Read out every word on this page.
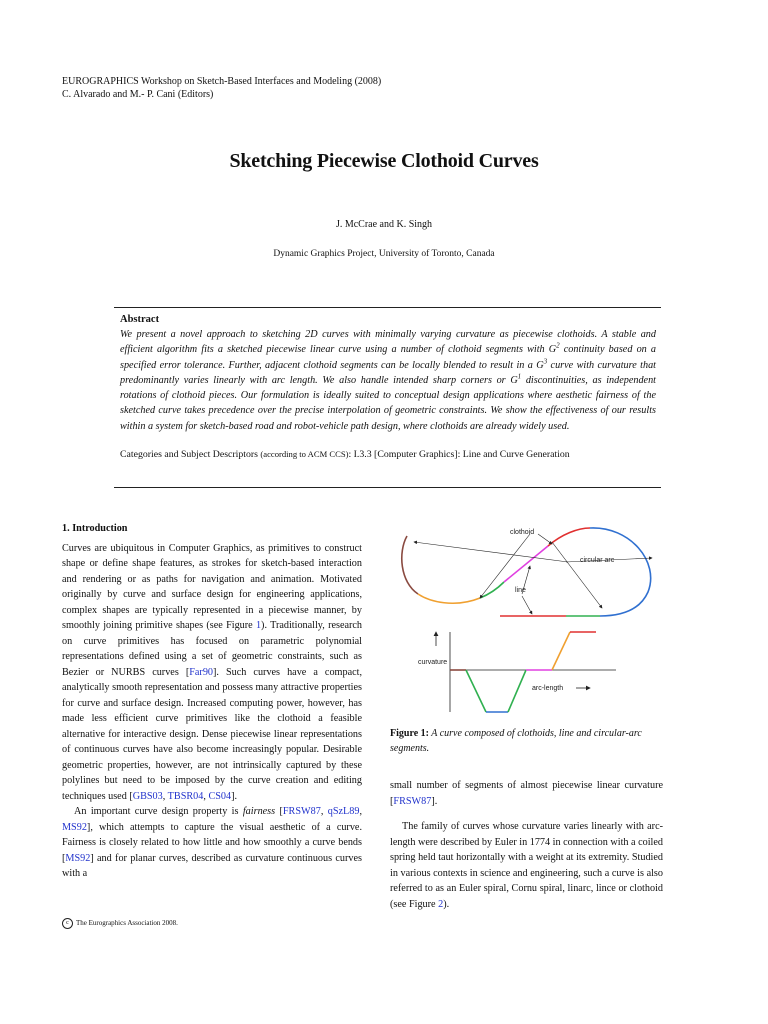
EUROGRAPHICS Workshop on Sketch-Based Interfaces and Modeling (2008)
C. Alvarado and M.- P. Cani (Editors)
Sketching Piecewise Clothoid Curves
J. McCrae and K. Singh
Dynamic Graphics Project, University of Toronto, Canada
Abstract
We present a novel approach to sketching 2D curves with minimally varying curvature as piecewise clothoids. A stable and efficient algorithm fits a sketched piecewise linear curve using a number of clothoid segments with $G^2$ continuity based on a specified error tolerance. Further, adjacent clothoid segments can be locally blended to result in a $G^3$ curve with curvature that predominantly varies linearly with arc length. We also handle intended sharp corners or $G^1$ discontinuities, as independent rotations of clothoid pieces. Our formulation is ideally suited to conceptual design applications where aesthetic fairness of the sketched curve takes precedence over the precise interpolation of geometric constraints. We show the effectiveness of our results within a system for sketch-based road and robot-vehicle path design, where clothoids are already widely used.
Categories and Subject Descriptors (according to ACM CCS): I.3.3 [Computer Graphics]: Line and Curve Generation
1. Introduction

Curves are ubiquitous in Computer Graphics, as primitives to construct shape or define shape features, as strokes for sketch-based interaction and rendering or as paths for navigation and animation. Motivated originally by curve and surface design for engineering applications, complex shapes are typically represented in a piecewise manner, by smoothly joining primitive shapes (see Figure 1). Traditionally, research on curve primitives has focused on parametric polynomial representations defined using a set of geometric constraints, such as Bezier or NURBS curves [Far90]. Such curves have a compact, analytically smooth representation and possess many attractive properties for curve and surface design. Increased computing power, however, has made less efficient curve primitives like the clothoid a feasible alternative for interactive design. Dense piecewise linear representations of continuous curves have also become increasingly popular. Desirable geometric properties, however, are not intrinsically captured by these polylines but need to be imposed by the curve creation and editing techniques used [GBS03, TBSR04, CS04].

An important curve design property is fairness [FRSW87, qSzL89, MS92], which attempts to capture the visual aesthetic of a curve. Fairness is closely related to how little and how smoothly a curve bends [MS92] and for planar curves, described as curvature continuous curves with a

clothoid
circular arc
line
curvature
arc-length
Figure 1: A curve composed of clothoids, line and circular-arc segments.

small number of segments of almost piecewise linear curvature [FRSW87].

The family of curves whose curvature varies linearly with arc-length were described by Euler in 1774 in connection with a coiled spring held taut horizontally with a weight at its extremity. Studied in various contexts in science and engineering, such a curve is also referred to as an Euler spiral, Cornu spiral, linarc, lince or clothoid (see Figure 2).

c The Eurographics Association 2008.
